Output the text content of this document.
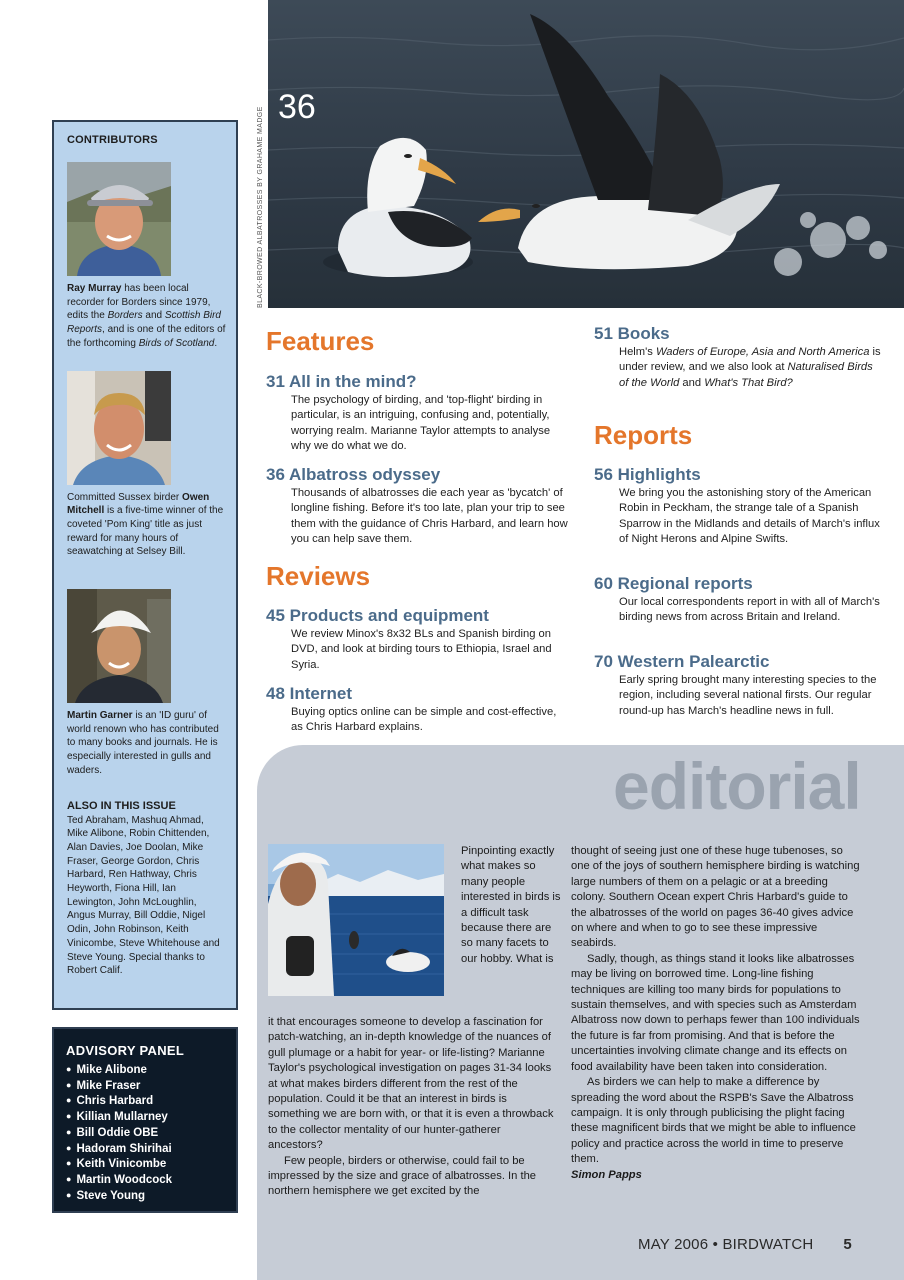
CONTRIBUTORS

Ray Murray has been local recorder for Borders since 1979, edits the Borders and Scottish Bird Reports, and is one of the editors of the forthcoming Birds of Scotland.

Committed Sussex birder Owen Mitchell is a five-time winner of the coveted 'Pom King' title as just reward for many hours of seawatching at Selsey Bill.

Martin Garner is an 'ID guru' of world renown who has contributed to many books and journals. He is especially interested in gulls and waders.

ALSO IN THIS ISSUE

Ted Abraham, Mashuq Ahmad, Mike Alibone, Robin Chittenden, Alan Davies, Joe Doolan, Mike Fraser, George Gordon, Chris Harbard, Ren Hathway, Chris Heyworth, Fiona Hill, Ian Lewington, John McLoughlin, Angus Murray, Bill Oddie, Nigel Odin, John Robinson, Keith Vinicombe, Steve Whitehouse and Steve Young. Special thanks to Robert Calif.

ADVISORY PANEL
● Mike Alibone
● Mike Fraser
● Chris Harbard
● Killian Mullarney
● Bill Oddie OBE
● Hadoram Shirihai
● Keith Vinicombe
● Martin Woodcock
● Steve Young
36
BLACK-BROWED ALBATROSSES BY GRAHAME MADGE
Features
31 All in the mind?
The psychology of birding, and 'top-flight' birding in particular, is an intriguing, confusing and, potentially, worrying realm. Marianne Taylor attempts to analyse why we do what we do.
36 Albatross odyssey
Thousands of albatrosses die each year as 'bycatch' of longline fishing. Before it's too late, plan your trip to see them with the guidance of Chris Harbard, and learn how you can help save them.
Reviews
45 Products and equipment
We review Minox's 8x32 BLs and Spanish birding on DVD, and look at birding tours to Ethiopia, Israel and Syria.
48 Internet
Buying optics online can be simple and cost-effective, as Chris Harbard explains.
51 Books
Helm's Waders of Europe, Asia and North America is under review, and we also look at Naturalised Birds of the World and What's That Bird?
Reports
56 Highlights
We bring you the astonishing story of the American Robin in Peckham, the strange tale of a Spanish Sparrow in the Midlands and details of March's influx of Night Herons and Alpine Swifts.
60 Regional reports
Our local correspondents report in with all of March's birding news from across Britain and Ireland.
70 Western Palearctic
Early spring brought many interesting species to the region, including several national firsts. Our regular round-up has March's headline news in full.
editorial
Pinpointing exactly what makes so many people interested in birds is a difficult task because there are so many facets to our hobby. What is

it that encourages someone to develop a fascination for patch-watching, an in-depth knowledge of the nuances of gull plumage or a habit for year- or life-listing? Marianne Taylor's psychological investigation on pages 31-34 looks at what makes birders different from the rest of the population. Could it be that an interest in birds is something we are born with, or that it is even a throwback to the collector mentality of our hunter-gatherer ancestors?

Few people, birders or otherwise, could fail to be impressed by the size and grace of albatrosses. In the northern hemisphere we get excited by the

thought of seeing just one of these huge tubenoses, so one of the joys of southern hemisphere birding is watching large numbers of them on a pelagic or at a breeding colony. Southern Ocean expert Chris Harbard's guide to the albatrosses of the world on pages 36-40 gives advice on where and when to go to see these impressive seabirds.

Sadly, though, as things stand it looks like albatrosses may be living on borrowed time. Long-line fishing techniques are killing too many birds for populations to sustain themselves, and with species such as Amsterdam Albatross now down to perhaps fewer than 100 individuals the future is far from promising. And that is before the uncertainties involving climate change and its effects on food availability have been taken into consideration.

As birders we can help to make a difference by spreading the word about the RSPB's Save the Albatross campaign. It is only through publicising the plight facing these magnificent birds that we might be able to influence policy and practice across the world in time to preserve them.

Simon Papps

MAY 2006 • BIRDWATCH 5
